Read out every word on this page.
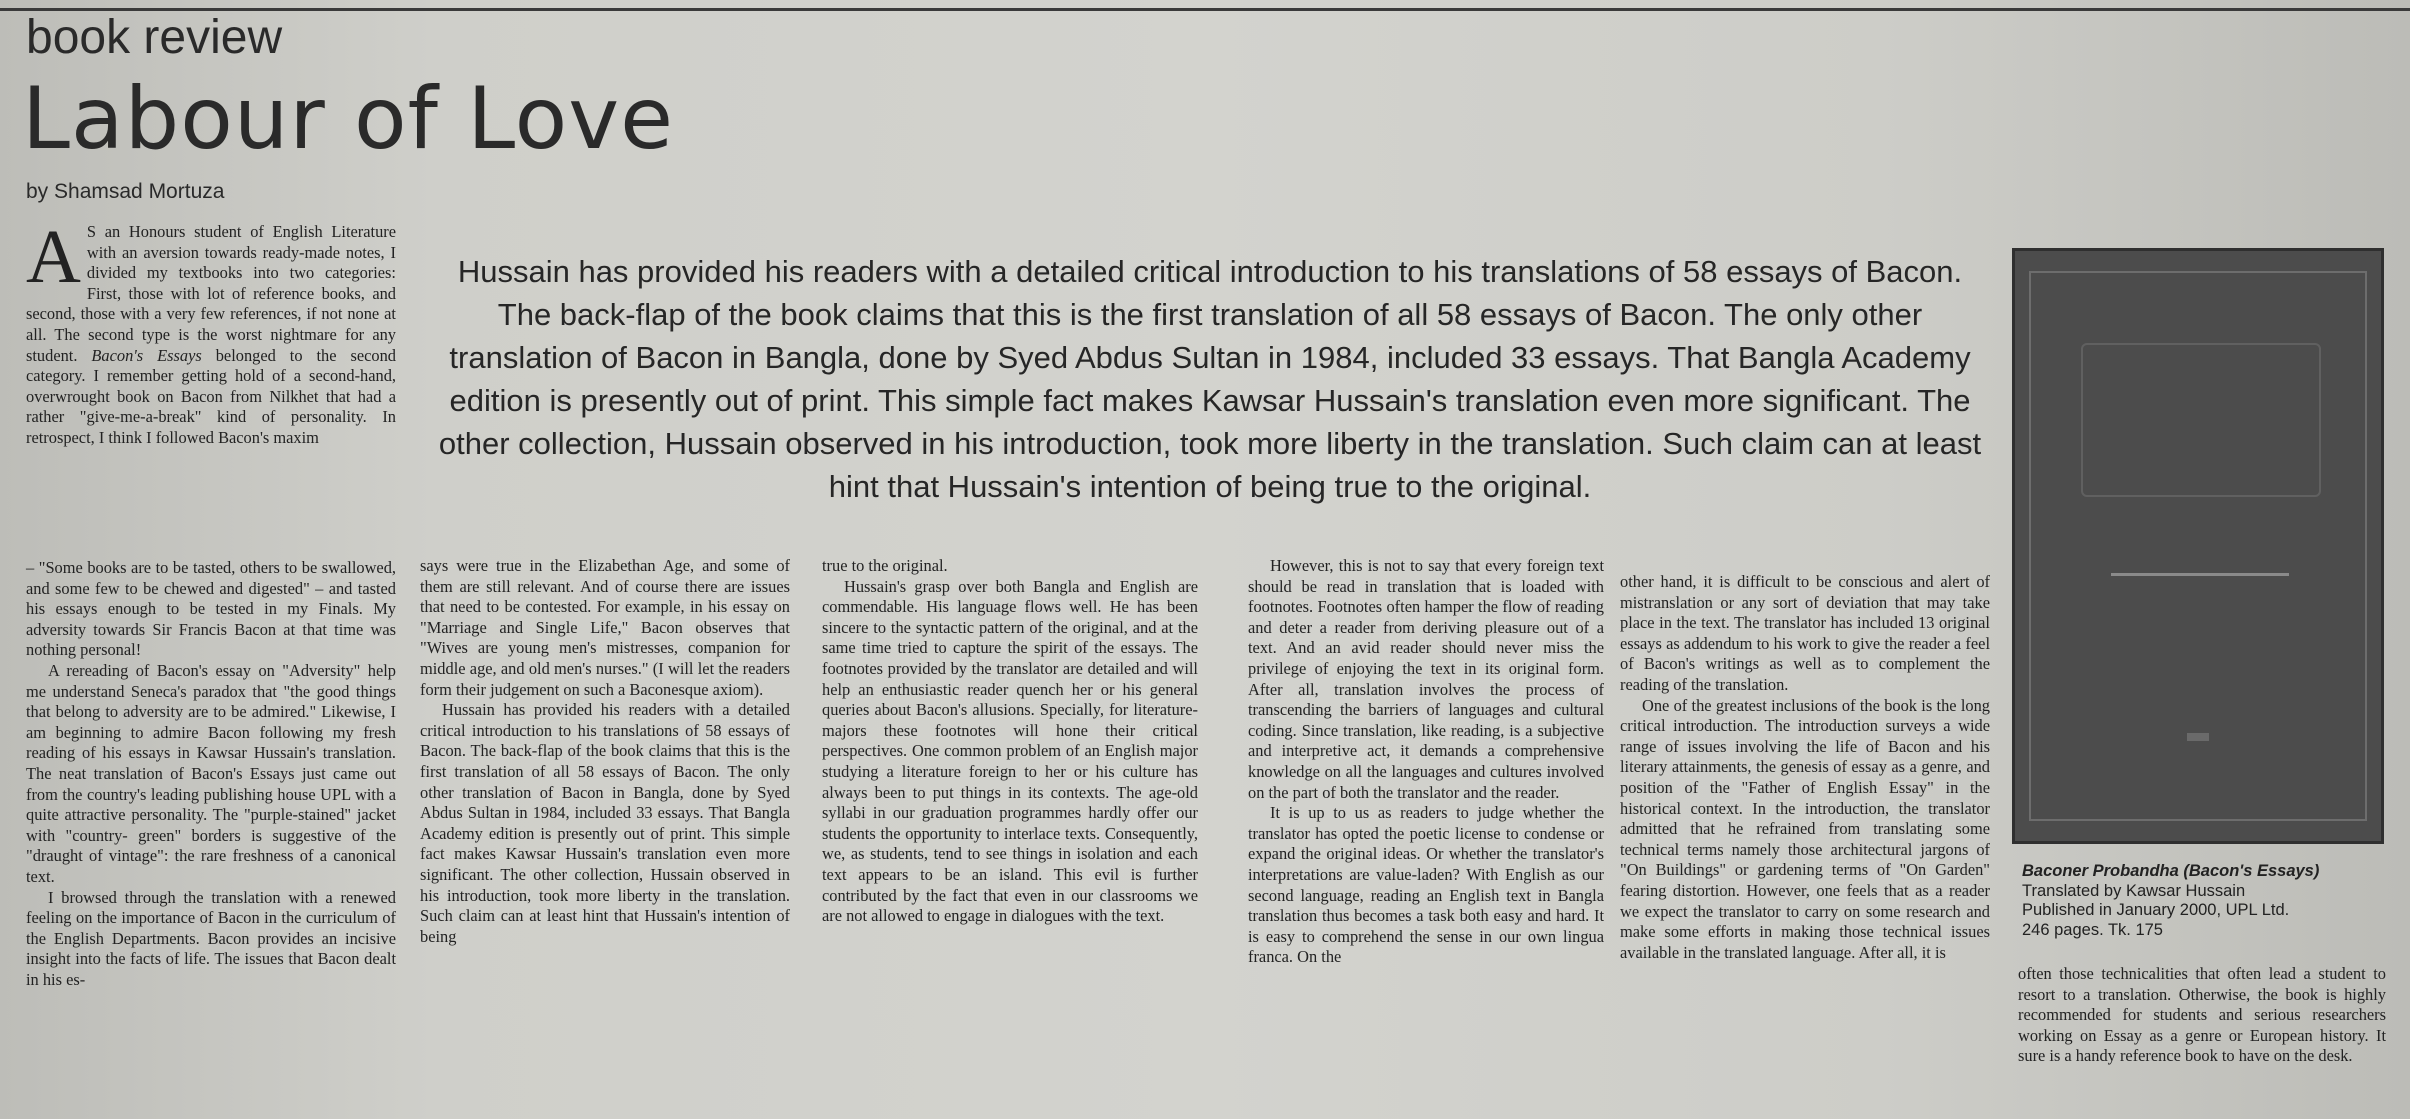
book review
Labour of Love
by Shamsad Mortuza

Hussain has provided his readers with a detailed critical introduction to his translations of 58 essays of Bacon. The back-flap of the book claims that this is the first translation of all 58 essays of Bacon. The only other translation of Bacon in Bangla, done by Syed Abdus Sultan in 1984, included 33 essays. That Bangla Academy edition is presently out of print. This simple fact makes Kawsar Hussain's translation even more significant. The other collection, Hussain observed in his introduction, took more liberty in the translation. Such claim can at least hint that Hussain's intention of being true to the original.

A S an Honours student of English Literature with an aversion towards ready-made notes, I divided my textbooks into two categories: First, those with lot of reference books, and second, those with a very few references, if not none at all. The second type is the worst nightmare for any student. Bacon's Essays belonged to the second category. I remember getting hold of a second-hand, overwrought book on Bacon from Nilkhet that had a rather "give-me-a-break" kind of personality. In retrospect, I think I followed Bacon's maxim

– "Some books are to be tasted, others to be swallowed, and some few to be chewed and digested" – and tasted his essays enough to be tested in my Finals. My adversity towards Sir Francis Bacon at that time was nothing personal!

A rereading of Bacon's essay on "Adversity" help me understand Seneca's paradox that "the good things that belong to adversity are to be admired." Likewise, I am beginning to admire Bacon following my fresh reading of his essays in Kawsar Hussain's translation. The neat translation of Bacon's Essays just came out from the country's leading publishing house UPL with a quite attractive personality. The "purple-stained" jacket with "country- green" borders is suggestive of the "draught of vintage": the rare freshness of a canonical text.

I browsed through the translation with a renewed feeling on the importance of Bacon in the curriculum of the English Departments. Bacon provides an incisive insight into the facts of life. The issues that Bacon dealt in his es-

says were true in the Elizabethan Age, and some of them are still relevant. And of course there are issues that need to be contested. For example, in his essay on "Marriage and Single Life," Bacon observes that "Wives are young men's mistresses, companion for middle age, and old men's nurses." (I will let the readers form their judgement on such a Baconesque axiom).

Hussain has provided his readers with a detailed critical introduction to his translations of 58 essays of Bacon. The back-flap of the book claims that this is the first translation of all 58 essays of Bacon. The only other translation of Bacon in Bangla, done by Syed Abdus Sultan in 1984, included 33 essays. That Bangla Academy edition is presently out of print. This simple fact makes Kawsar Hussain's translation even more significant. The other collection, Hussain observed in his introduction, took more liberty in the translation. Such claim can at least hint that Hussain's intention of being

true to the original.

Hussain's grasp over both Bangla and English are commendable. His language flows well. He has been sincere to the syntactic pattern of the original, and at the same time tried to capture the spirit of the essays. The footnotes provided by the translator are detailed and will help an enthusiastic reader quench her or his general queries about Bacon's allusions. Specially, for literature-majors these footnotes will hone their critical perspectives. One common problem of an English major studying a literature foreign to her or his culture has always been to put things in its contexts. The age-old syllabi in our graduation programmes hardly offer our students the opportunity to interlace texts. Consequently, we, as students, tend to see things in isolation and each text appears to be an island. This evil is further contributed by the fact that even in our classrooms we are not allowed to engage in dialogues with the text.

However, this is not to say that every foreign text should be read in translation that is loaded with footnotes. Footnotes often hamper the flow of reading and deter a reader from deriving pleasure out of a text. And an avid reader should never miss the privilege of enjoying the text in its original form. After all, translation involves the process of transcending the barriers of languages and cultural coding. Since translation, like reading, is a subjective and interpretive act, it demands a comprehensive knowledge on all the languages and cultures involved on the part of both the translator and the reader.

It is up to us as readers to judge whether the translator has opted the poetic license to condense or expand the original ideas. Or whether the translator's interpretations are value-laden? With English as our second language, reading an English text in Bangla translation thus becomes a task both easy and hard. It is easy to comprehend the sense in our own lingua franca. On the

other hand, it is difficult to be conscious and alert of mistranslation or any sort of deviation that may take place in the text. The translator has included 13 original essays as addendum to his work to give the reader a feel of Bacon's writings as well as to complement the reading of the translation.

One of the greatest inclusions of the book is the long critical introduction. The introduction surveys a wide range of issues involving the life of Bacon and his literary attainments, the genesis of essay as a genre, and position of the "Father of English Essay" in the historical context. In the introduction, the translator admitted that he refrained from translating some technical terms namely those architectural jargons of "On Buildings" or gardening terms of "On Garden" fearing distortion. However, one feels that as a reader we expect the translator to carry on some research and make some efforts in making those technical issues available in the translated language. After all, it is

often those technicalities that often lead a student to resort to a translation. Otherwise, the book is highly recommended for students and serious researchers working on Essay as a genre or European history. It sure is a handy reference book to have on the desk.

Baconer Probandha (Bacon's Essays)
Translated by Kawsar Hussain
Published in January 2000, UPL Ltd.
246 pages. Tk. 175
